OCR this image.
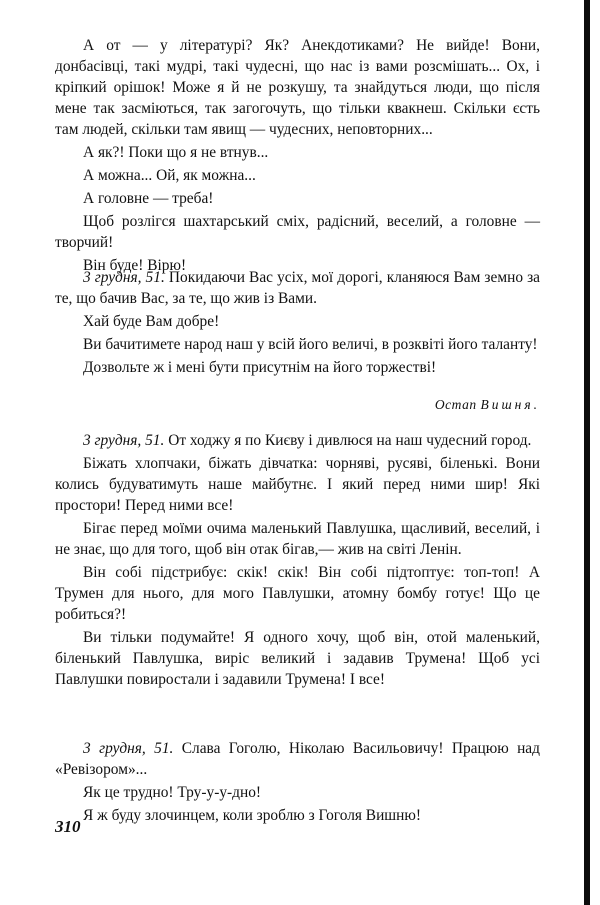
А от — у літературі? Як? Анекдотиками? Не вийде! Вони, донбасівці, такі мудрі, такі чудесні, що нас із вами розсмішать... Ох, і кріпкий орішок! Може я й не розкушу, та знайдуться люди, що після мене так засміються, так загогочуть, що тільки квакнеш. Скільки єсть там людей, скільки там явищ — чудесних, неповторних...

А як?! Поки що я не втнув...

А можна... Ой, як можна...

А головне — треба!

Щоб розлігся шахтарський сміх, радісний, веселий, а головне — творчий!

Він буде! Вірю!

3 грудня, 51. Покидаючи Вас усіх, мої дорогі, кланяюся Вам земно за те, що бачив Вас, за те, що жив із Вами.

Хай буде Вам добре!

Ви бачитимете народ наш у всій його величі, в розквіті його таланту!

Дозвольте ж і мені бути присутнім на його торжестві!

Остап Вишня.

3 грудня, 51. От ходжу я по Києву і дивлюся на наш чудесний город.

Біжать хлопчаки, біжать дівчатка: чорняві, русяві, біленькі. Вони колись будуватимуть наше майбутнє. І який перед ними шир! Які простори! Перед ними все!

Бігає перед моїми очима маленький Павлушка, щасливий, веселий, і не знає, що для того, щоб він отак бігав,— жив на світі Ленін.

Він собі підстрибує: скік! скік! Він собі підтоптує: топ-топ! А Трумен для нього, для мого Павлушки, атомну бомбу готує! Що це робиться?!

Ви тільки подумайте! Я одного хочу, щоб він, отой маленький, біленький Павлушка, виріс великий і задавив Трумена! Щоб усі Павлушки повиростали і задавили Трумена! І все!

3 грудня, 51. Слава Гоголю, Ніколаю Васильовичу! Працюю над «Ревізором»...

Як це трудно! Тру-у-у-дно!

Я ж буду злочинцем, коли зроблю з Гоголя Вишню!

310
